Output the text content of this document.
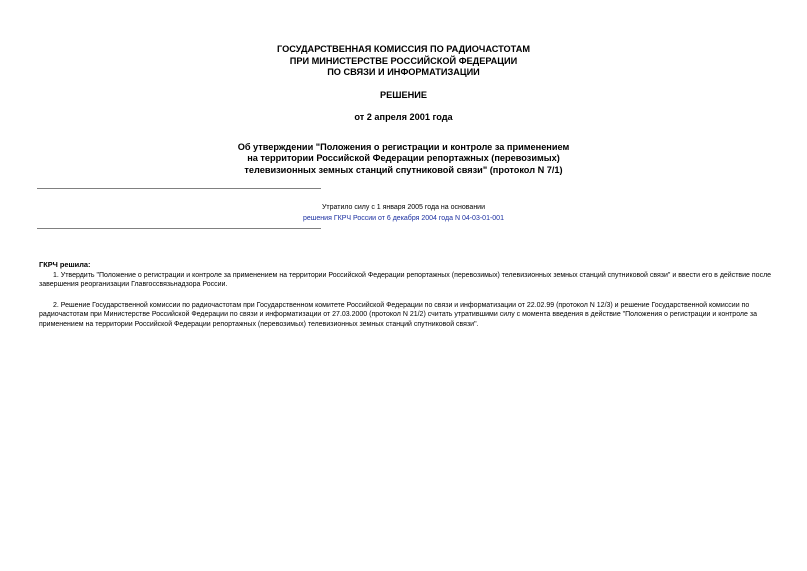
ГОСУДАРСТВЕННАЯ КОМИССИЯ ПО РАДИОЧАСТОТАМ
ПРИ МИНИСТЕРСТВЕ РОССИЙСКОЙ ФЕДЕРАЦИИ
ПО СВЯЗИ И ИНФОРМАТИЗАЦИИ
РЕШЕНИЕ
от 2 апреля 2001 года
Об утверждении "Положения о регистрации и контроле за применением
на территории Российской Федерации репортажных (перевозимых)
телевизионных земных станций спутниковой связи" (протокол N 7/1)
Утратило силу с 1 января 2005 года на основании
решения ГКРЧ России от 6 декабря 2004 года N 04-03-01-001
ГКРЧ решила:

1. Утвердить "Положение о регистрации и контроле за применением на территории Российской Федерации репортажных (перевозимых) телевизионных земных станций спутниковой связи" и ввести его в действие после завершения реорганизации Главгоссвязьнадзора России.

2. Решение Государственной комиссии по радиочастотам при Государственном комитете Российской Федерации по связи и информатизации от 22.02.99 (протокол N 12/3) и решение Государственной комиссии по радиочастотам при Министерстве Российской Федерации по связи и информатизации от 27.03.2000 (протокол N 21/2) считать утратившими силу с момента введения в действие "Положения о регистрации и контроле за применением на территории Российской Федерации репортажных (перевозимых) телевизионных земных станций спутниковой связи".
